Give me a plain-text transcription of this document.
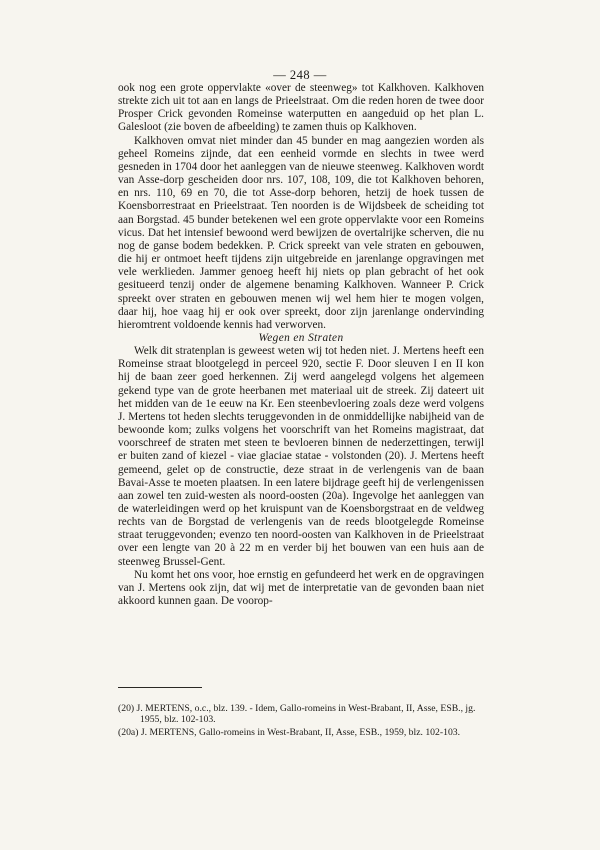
— 248 —

ook nog een grote oppervlakte «over de steenweg» tot Kalkhoven. Kalkhoven strekte zich uit tot aan en langs de Prieelstraat. Om die reden horen de twee door Prosper Crick gevonden Romeinse waterputten en aangeduid op het plan L. Galesloot (zie boven de afbeelding) te zamen thuis op Kalkhoven.

Kalkhoven omvat niet minder dan 45 bunder en mag aangezien worden als geheel Romeins zijnde, dat een eenheid vormde en slechts in twee werd gesneden in 1704 door het aanleggen van de nieuwe steenweg. Kalkhoven wordt van Asse-dorp gescheiden door nrs. 107, 108, 109, die tot Kalkhoven behoren, en nrs. 110, 69 en 70, die tot Asse-dorp behoren, hetzij de hoek tussen de Koensborrestraat en Prieelstraat. Ten noorden is de Wijdsbeek de scheiding tot aan Borgstad. 45 bunder betekenen wel een grote oppervlakte voor een Romeins vicus. Dat het intensief bewoond werd bewijzen de overtalrijke scherven, die nu nog de ganse bodem bedekken. P. Crick spreekt van vele straten en gebouwen, die hij er ontmoet heeft tijdens zijn uitgebreide en jarenlange opgravingen met vele werklieden. Jammer genoeg heeft hij niets op plan gebracht of het ook gesitueerd tenzij onder de algemene benaming Kalkhoven. Wanneer P. Crick spreekt over straten en gebouwen menen wij wel hem hier te mogen volgen, daar hij, hoe vaag hij er ook over spreekt, door zijn jarenlange ondervinding hieromtrent voldoende kennis had verworven.

Wegen en Straten

Welk dit stratenplan is geweest weten wij tot heden niet. J. Mertens heeft een Romeinse straat blootgelegd in perceel 920, sectie F. Door sleuven I en II kon hij de baan zeer goed herkennen. Zij werd aangelegd volgens het algemeen gekend type van de grote heerbanen met materiaal uit de streek. Zij dateert uit het midden van de 1e eeuw na Kr. Een steenbevloering zoals deze werd volgens J. Mertens tot heden slechts teruggevonden in de onmiddellijke nabijheid van de bewoonde kom; zulks volgens het voorschrift van het Romeins magistraat, dat voorschreef de straten met steen te bevloeren binnen de nederzettingen, terwijl er buiten zand of kiezel - viae glaciae statae - volstonden (20). J. Mertens heeft gemeend, gelet op de constructie, deze straat in de verlengenis van de baan Bavai-Asse te moeten plaatsen. In een latere bijdrage geeft hij de verlengenissen aan zowel ten zuid-westen als noord-oosten (20a). Ingevolge het aanleggen van de waterleidingen werd op het kruispunt van de Koensborgstraat en de veldweg rechts van de Borgstad de verlengenis van de reeds blootgelegde Romeinse straat teruggevonden; evenzo ten noord-oosten van Kalkhoven in de Prieelstraat over een lengte van 20 à 22 m en verder bij het bouwen van een huis aan de steenweg Brussel-Gent.

Nu komt het ons voor, hoe ernstig en gefundeerd het werk en de opgravingen van J. Mertens ook zijn, dat wij met de interpretatie van de gevonden baan niet akkoord kunnen gaan. De voorop-

(20) J. MERTENS, o.c., blz. 139. - Idem, Gallo-romeins in West-Brabant, II, Asse, ESB., jg. 1955, blz. 102-103.

(20a) J. MERTENS, Gallo-romeins in West-Brabant, II, Asse, ESB., 1959, blz. 102-103.
